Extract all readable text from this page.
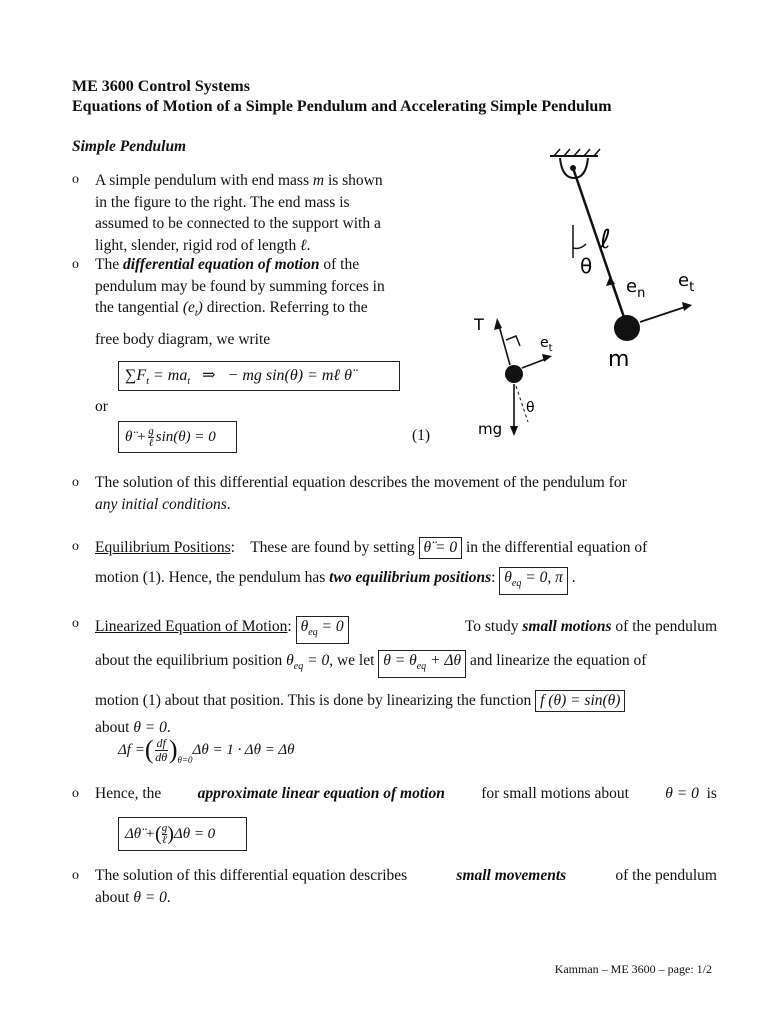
ME 3600 Control Systems
Equations of Motion of a Simple Pendulum and Accelerating Simple Pendulum
Simple Pendulum
o A simple pendulum with end mass m is shown
in the figure to the right. The end mass is
assumed to be connected to the support with a
light, slender, rigid rod of length ℓ.
o The differential equation of motion of the
pendulum may be found by summing forces in
the tangential $(e_t)$ direction. Referring to the
free body diagram, we write
$\sum F_t = ma_t$ ⇒ − mg sin(θ) = mℓ θ̈
or
θ̈ + g
ℓ sin(θ) = 0	(1)
ℓ
θ
m
$e_n$
$e_t$
T
$e_t$
mg
θ
o The solution of this differential equation describes the movement of the pendulum for
any initial conditions.
o Equilibrium Positions: These are found by setting θ̈ = 0 in the differential equation of
motion (1). Hence, the pendulum has two equilibrium positions: $\theta_{eq} = 0$, π .
o Linearized Equation of Motion: $\theta_{eq} = 0$	To study small motions of the pendulum
about the equilibrium position $\theta_{eq} = 0$, we let $\theta = \theta_{eq} + \Delta\theta$ and linearize the equation of
motion (1) about that position. This is done by linearizing the function f (θ) = sin(θ)
about θ = 0.
Δf = ( df
dθ )$_{\theta=0}$
Δθ = 1 · Δθ = Δθ
o Hence, the approximate linear equation of motion for small motions about θ = 0 is
Δθ̈ + ( g
ℓ ) Δθ = 0
o The solution of this differential equation describes	small movements	of the pendulum
about θ = 0.
Kamman – ME 3600 – page: 1/2
